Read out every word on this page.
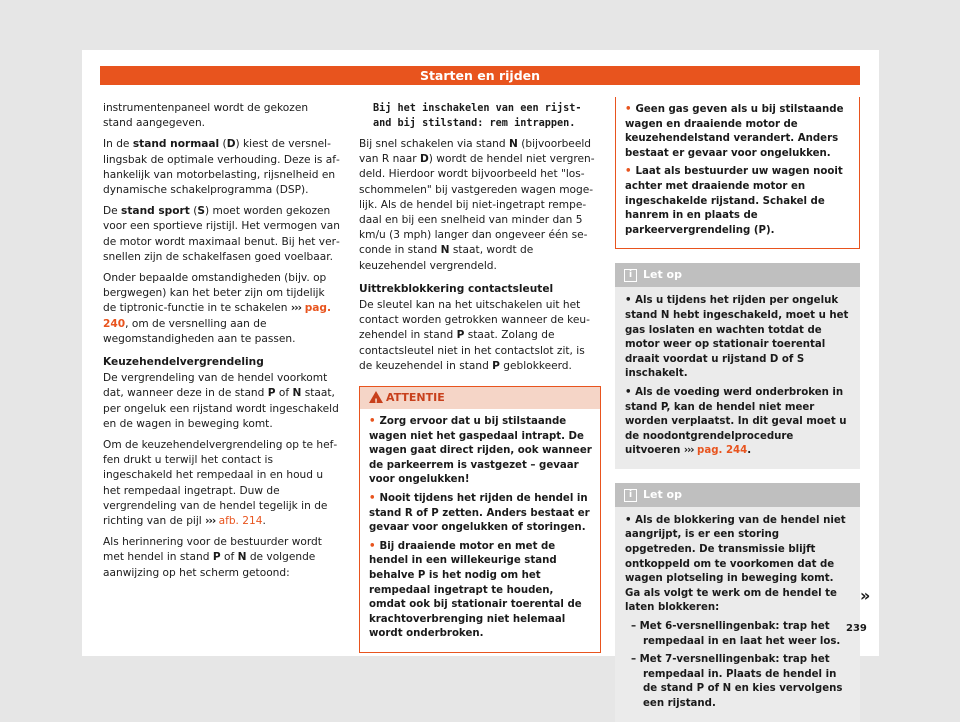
Starten en rijden

instrumentenpaneel wordt de gekozen stand aangegeven.

In de stand normaal (D) kiest de versnellingsbak de optimale verhouding. Deze is afhankelijk van motorbelasting, rijsnelheid en dynamische schakelprogramma (DSP).

De stand sport (S) moet worden gekozen voor een sportieve rijstijl. Het vermogen van de motor wordt maximaal benut. Bij het versnellen zijn de schakelfasen goed voelbaar.

Onder bepaalde omstandigheden (bijv. op bergwegen) kan het beter zijn om tijdelijk de tiptronic-functie in te schakelen ››› pag. 240, om de versnelling aan de wegomstandigheden aan te passen.

Keuzehendelvergrendeling

De vergrendeling van de hendel voorkomt dat, wanneer deze in de stand P of N staat, per ongeluk een rijstand wordt ingeschakeld en de wagen in beweging komt.

Om de keuzehendelvergrendeling op te heffen drukt u terwijl het contact is ingeschakeld het rempedaal in en houd u het rempedaal ingetrapt. Duw de vergrendeling van de hendel tegelijk in de richting van de pijl ››› afb. 214.

Als herinnering voor de bestuurder wordt met hendel in stand P of N de volgende aanwijzing op het scherm getoond:

Bij het inschakelen van een rijst-
and bij stilstand: rem intrappen.

Bij snel schakelen via stand N (bijvoorbeeld van R naar D) wordt de hendel niet vergrendeld. Hierdoor wordt bijvoorbeeld het "losschommelen" bij vastgereden wagen mogelijk. Als de hendel bij niet-ingetrapt rempedaal en bij een snelheid van minder dan 5 km/u (3 mph) langer dan ongeveer één seconde in stand N staat, wordt de keuzehendel vergrendeld.

Uittrekblokkering contactsleutel

De sleutel kan na het uitschakelen uit het contact worden getrokken wanneer de keuzehendel in stand P staat. Zolang de contactsleutel niet in het contactslot zit, is de keuzehendel in stand P geblokkeerd.

!
ATTENTIE
• Zorg ervoor dat u bij stilstaande wagen niet het gaspedaal intrapt. De wagen gaat direct rijden, ook wanneer de parkeerrem is vastgezet – gevaar voor ongelukken!
• Nooit tijdens het rijden de hendel in stand R of P zetten. Anders bestaat er gevaar voor ongelukken of storingen.
• Bij draaiende motor en met de hendel in een willekeurige stand behalve P is het nodig om het rempedaal ingetrapt te houden, omdat ook bij stationair toerental de krachtoverbrenging niet helemaal wordt onderbroken.
• Geen gas geven als u bij stilstaande wagen en draaiende motor de keuzehendelstand verandert. Anders bestaat er gevaar voor ongelukken.
• Laat als bestuurder uw wagen nooit achter met draaiende motor en ingeschakelde rijstand. Schakel de hanrem in en plaats de parkeervergrendeling (P).
i Let op
• Als u tijdens het rijden per ongeluk stand N hebt ingeschakeld, moet u het gas loslaten en wachten totdat de motor weer op stationair toerental draait voordat u rijstand D of S inschakelt.
• Als de voeding werd onderbroken in stand P, kan de hendel niet meer worden verplaatst. In dit geval moet u de noodontgrendelprocedure uitvoeren ››› pag. 244.
i Let op
• Als de blokkering van de hendel niet aangrijpt, is er een storing opgetreden. De transmissie blijft ontkoppeld om te voorkomen dat de wagen plotseling in beweging komt. Ga als volgt te werk om de hendel te laten blokkeren:
– Met 6-versnellingenbak: trap het rempedaal in en laat het weer los.
– Met 7-versnellingenbak: trap het rempedaal in. Plaats de hendel in de stand P of N en kies vervolgens een rijstand.
»
239
